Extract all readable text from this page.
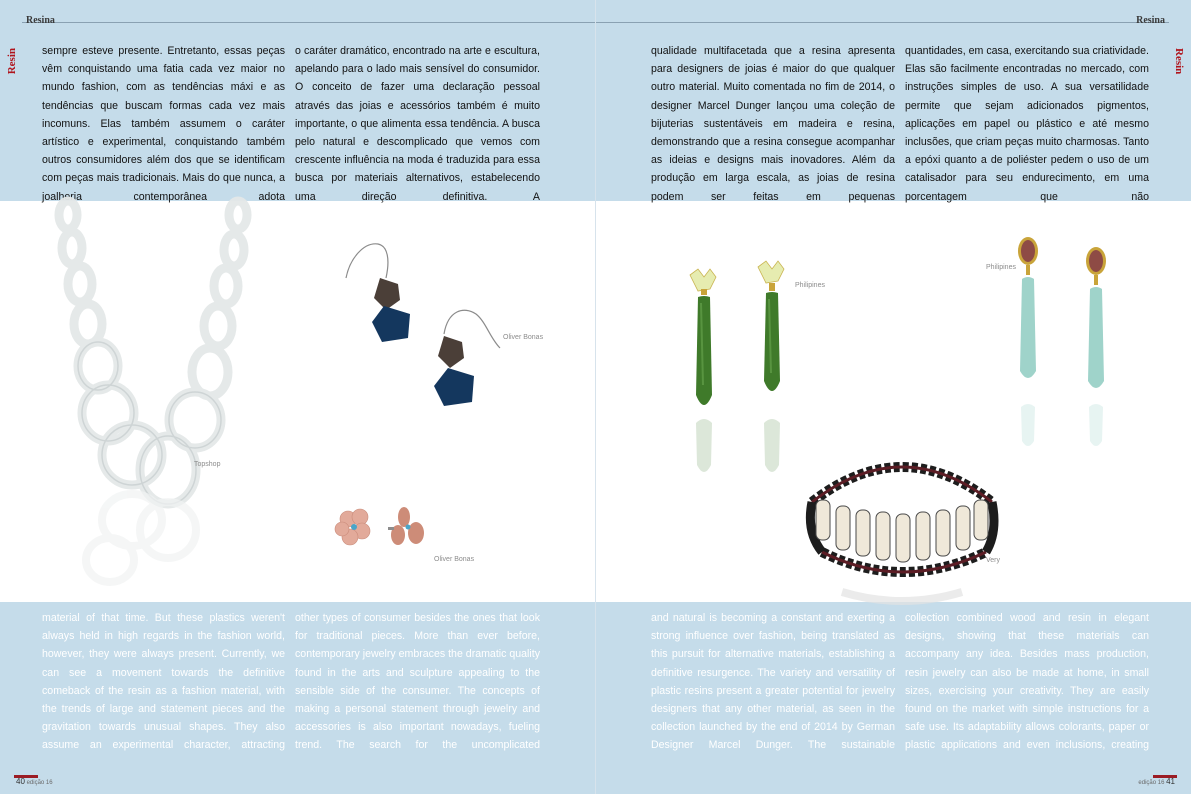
Resina
Resin sempre esteve presente. Entretanto, essas peças vêm conquistando uma fatia cada vez maior no mundo fashion, com as tendências máxi e as tendências que buscam formas cada vez mais incomuns. Elas também assumem o caráter artístico e experimental, conquistando também outros consumidores além dos que se identificam com peças mais tradicionais. Mais do que nunca, a joalheria contemporânea adota
o caráter dramático, encontrado na arte e escultura, apelando para o lado mais sensível do consumidor. O conceito de fazer uma declaração pessoal através das joias e acessórios também é muito importante, o que alimenta essa tendência. A busca pelo natural e descomplicado que vemos com crescente influência na moda é traduzida para essa busca por materiais alternativos, estabelecendo uma direção definitiva. A
Topshop
Oliver Bonas
Oliver Bonas
material of that time. But these plastics weren't always held in high regards in the fashion world, however, they were always present. Currently, we can see a movement towards the definitive comeback of the resin as a fashion material, with the trends of large and statement pieces and the gravitation towards unusual shapes. They also assume an experimental character, attracting
other types of consumer besides the ones that look for traditional pieces. More than ever before, contemporary jewelry embraces the dramatic quality found in the arts and sculpture appealing to the sensible side of the consumer. The concepts of making a personal statement through jewelry and accessories is also important nowadays, fueling trend. The search for the uncomplicated
40 edição 16
Resina
Resin
qualidade multifacetada que a resina apresenta para designers de joias é maior do que qualquer outro material. Muito comentada no fim de 2014, o designer Marcel Dunger lançou uma coleção de bijuterias sustentáveis em madeira e resina, demonstrando que a resina consegue acompanhar as ideias e designs mais inovadores. Além da produção em larga escala, as joias de resina podem ser feitas em pequenas
quantidades, em casa, exercitando sua criatividade. Elas são facilmente encontradas no mercado, com instruções simples de uso. A sua versatilidade permite que sejam adicionados pigmentos, aplicações em papel ou plástico e até mesmo inclusões, que criam peças muito charmosas. Tanto a epóxi quanto a de poliéster pedem o uso de um catalisador para seu endurecimento, em uma porcentagem que não
Philipines
Philipines
Very
and natural is becoming a constant and exerting a strong influence over fashion, being translated as this pursuit for alternative materials, establishing a definitive resurgence. The variety and versatility of plastic resins present a greater potential for jewelry designers that any other material, as seen in the collection launched by the end of 2014 by German Designer Marcel Dunger. The sustainable
collection combined wood and resin in elegant designs, showing that these materials can accompany any idea. Besides mass production, resin jewelry can also be made at home, in small sizes, exercising your creativity. They are easily found on the market with simple instructions for a safe use. Its adaptability allows colorants, paper or plastic applications and even inclusions, creating
edição 16 41
